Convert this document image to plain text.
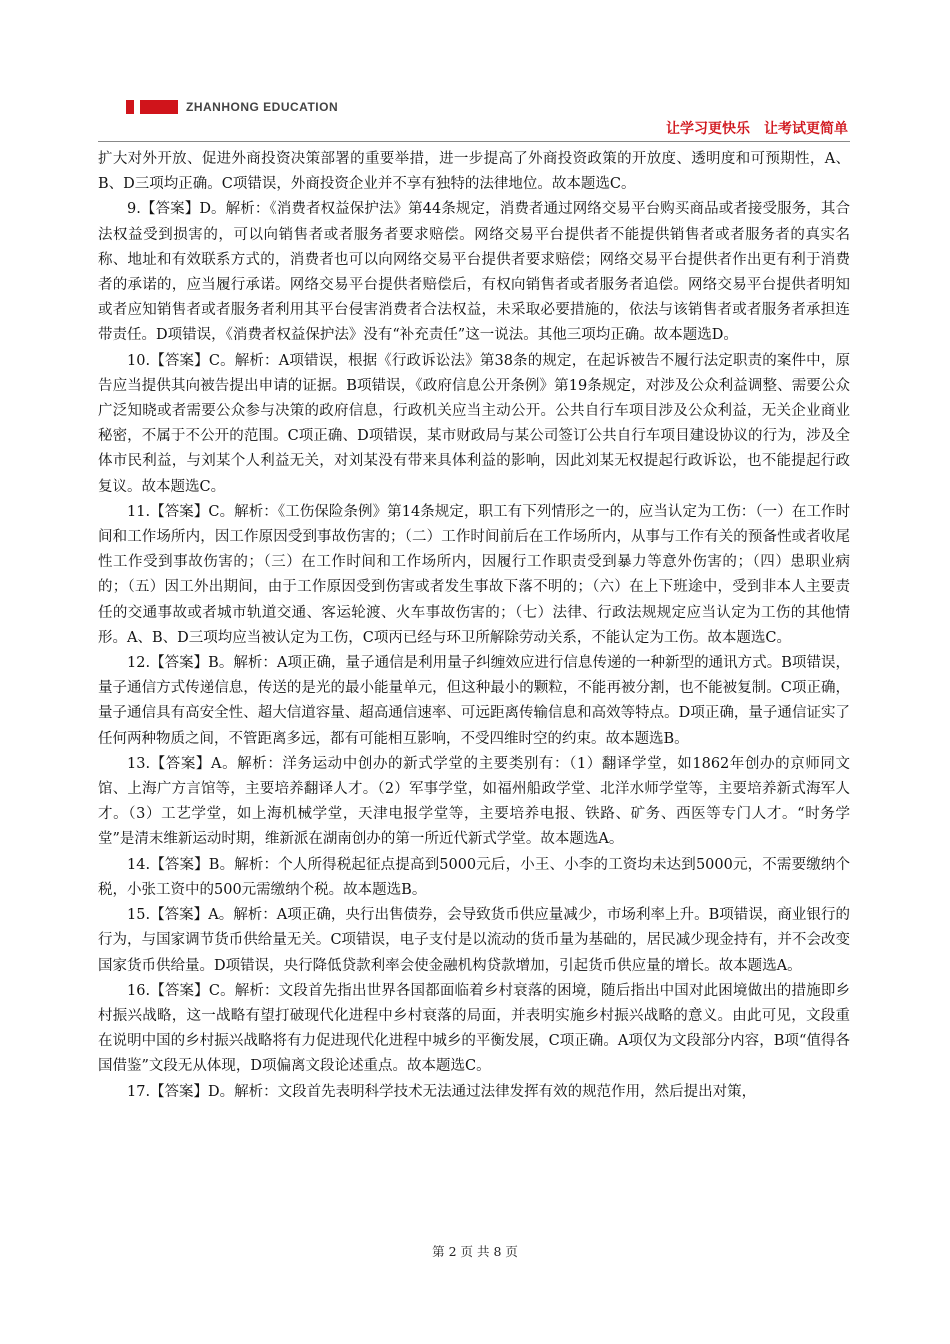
ZHANHONG EDUCATION
让学习更快乐　让考试更简单

扩大对外开放、促进外商投资决策部署的重要举措，进一步提高了外商投资政策的开放度、透明度和可预期性，A、B、D三项均正确。C项错误，外商投资企业并不享有独特的法律地位。故本题选C。

9.【答案】D。解析：《消费者权益保护法》第44条规定，消费者通过网络交易平台购买商品或者接受服务，其合法权益受到损害的，可以向销售者或者服务者要求赔偿。网络交易平台提供者不能提供销售者或者服务者的真实名称、地址和有效联系方式的，消费者也可以向网络交易平台提供者要求赔偿；网络交易平台提供者作出更有利于消费者的承诺的，应当履行承诺。网络交易平台提供者赔偿后，有权向销售者或者服务者追偿。网络交易平台提供者明知或者应知销售者或者服务者利用其平台侵害消费者合法权益，未采取必要措施的，依法与该销售者或者服务者承担连带责任。D项错误，《消费者权益保护法》没有“补充责任”这一说法。其他三项均正确。故本题选D。

10.【答案】C。解析：A项错误，根据《行政诉讼法》第38条的规定，在起诉被告不履行法定职责的案件中，原告应当提供其向被告提出申请的证据。B项错误，《政府信息公开条例》第19条规定，对涉及公众利益调整、需要公众广泛知晓或者需要公众参与决策的政府信息，行政机关应当主动公开。公共自行车项目涉及公众利益，无关企业商业秘密，不属于不公开的范围。C项正确、D项错误，某市财政局与某公司签订公共自行车项目建设协议的行为，涉及全体市民利益，与刘某个人利益无关，对刘某没有带来具体利益的影响，因此刘某无权提起行政诉讼，也不能提起行政复议。故本题选C。

11.【答案】C。解析：《工伤保险条例》第14条规定，职工有下列情形之一的，应当认定为工伤：（一）在工作时间和工作场所内，因工作原因受到事故伤害的；（二）工作时间前后在工作场所内，从事与工作有关的预备性或者收尾性工作受到事故伤害的；（三）在工作时间和工作场所内，因履行工作职责受到暴力等意外伤害的；（四）患职业病的；（五）因工外出期间，由于工作原因受到伤害或者发生事故下落不明的；（六）在上下班途中，受到非本人主要责任的交通事故或者城市轨道交通、客运轮渡、火车事故伤害的；（七）法律、行政法规规定应当认定为工伤的其他情形。A、B、D三项均应当被认定为工伤，C项丙已经与环卫所解除劳动关系，不能认定为工伤。故本题选C。

12.【答案】B。解析：A项正确，量子通信是利用量子纠缠效应进行信息传递的一种新型的通讯方式。B项错误，量子通信方式传递信息，传送的是光的最小能量单元，但这种最小的颗粒，不能再被分割，也不能被复制。C项正确，量子通信具有高安全性、超大信道容量、超高通信速率、可远距离传输信息和高效等特点。D项正确，量子通信证实了任何两种物质之间，不管距离多远，都有可能相互影响，不受四维时空的约束。故本题选B。

13.【答案】A。解析：洋务运动中创办的新式学堂的主要类别有：（1）翻译学堂，如1862年创办的京师同文馆、上海广方言馆等，主要培养翻译人才。（2）军事学堂，如福州船政学堂、北洋水师学堂等，主要培养新式海军人才。（3）工艺学堂，如上海机械学堂，天津电报学堂等，主要培养电报、铁路、矿务、西医等专门人才。“时务学堂”是清末维新运动时期，维新派在湖南创办的第一所近代新式学堂。故本题选A。

14.【答案】B。解析：个人所得税起征点提高到5000元后，小王、小李的工资均未达到5000元，不需要缴纳个税，小张工资中的500元需缴纳个税。故本题选B。

15.【答案】A。解析：A项正确，央行出售债券，会导致货币供应量减少，市场利率上升。B项错误，商业银行的行为，与国家调节货币供给量无关。C项错误，电子支付是以流动的货币量为基础的，居民减少现金持有，并不会改变国家货币供给量。D项错误，央行降低贷款利率会使金融机构贷款增加，引起货币供应量的增长。故本题选A。

16.【答案】C。解析：文段首先指出世界各国都面临着乡村衰落的困境，随后指出中国对此困境做出的措施即乡村振兴战略，这一战略有望打破现代化进程中乡村衰落的局面，并表明实施乡村振兴战略的意义。由此可见，文段重在说明中国的乡村振兴战略将有力促进现代化进程中城乡的平衡发展，C项正确。A项仅为文段部分内容，B项“值得各国借鉴”文段无从体现，D项偏离文段论述重点。故本题选C。

17.【答案】D。解析：文段首先表明科学技术无法通过法律发挥有效的规范作用，然后提出对策，

第 2 页 共 8 页
